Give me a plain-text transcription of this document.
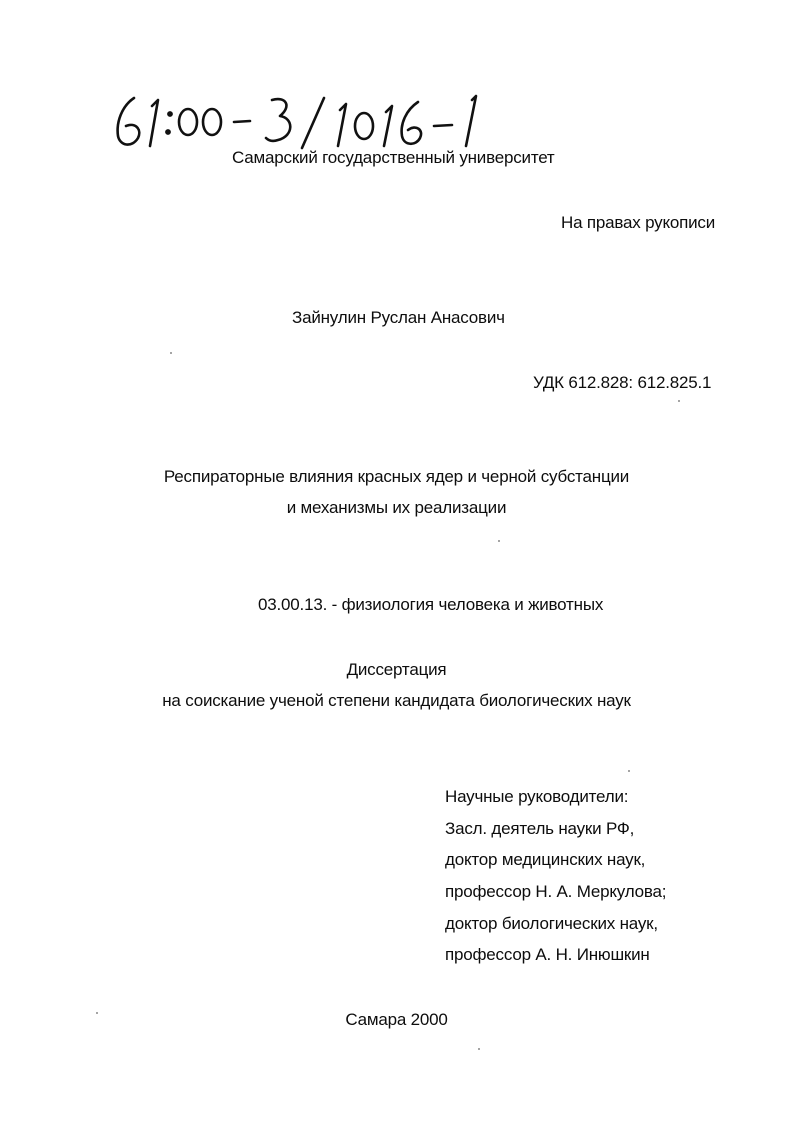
Самарский государственный университет
На правах рукописи
Зайнулин Руслан Анасович
УДК 612.828: 612.825.1
Респираторные влияния красных ядер и черной субстанции
и механизмы их реализации
03.00.13. - физиология человека и животных
Диссертация
на соискание ученой степени кандидата биологических наук
Научные руководители:
Засл. деятель науки РФ,
доктор медицинских наук,
профессор Н. А. Меркулова;
доктор биологических наук,
профессор А. Н. Инюшкин
Самара 2000
